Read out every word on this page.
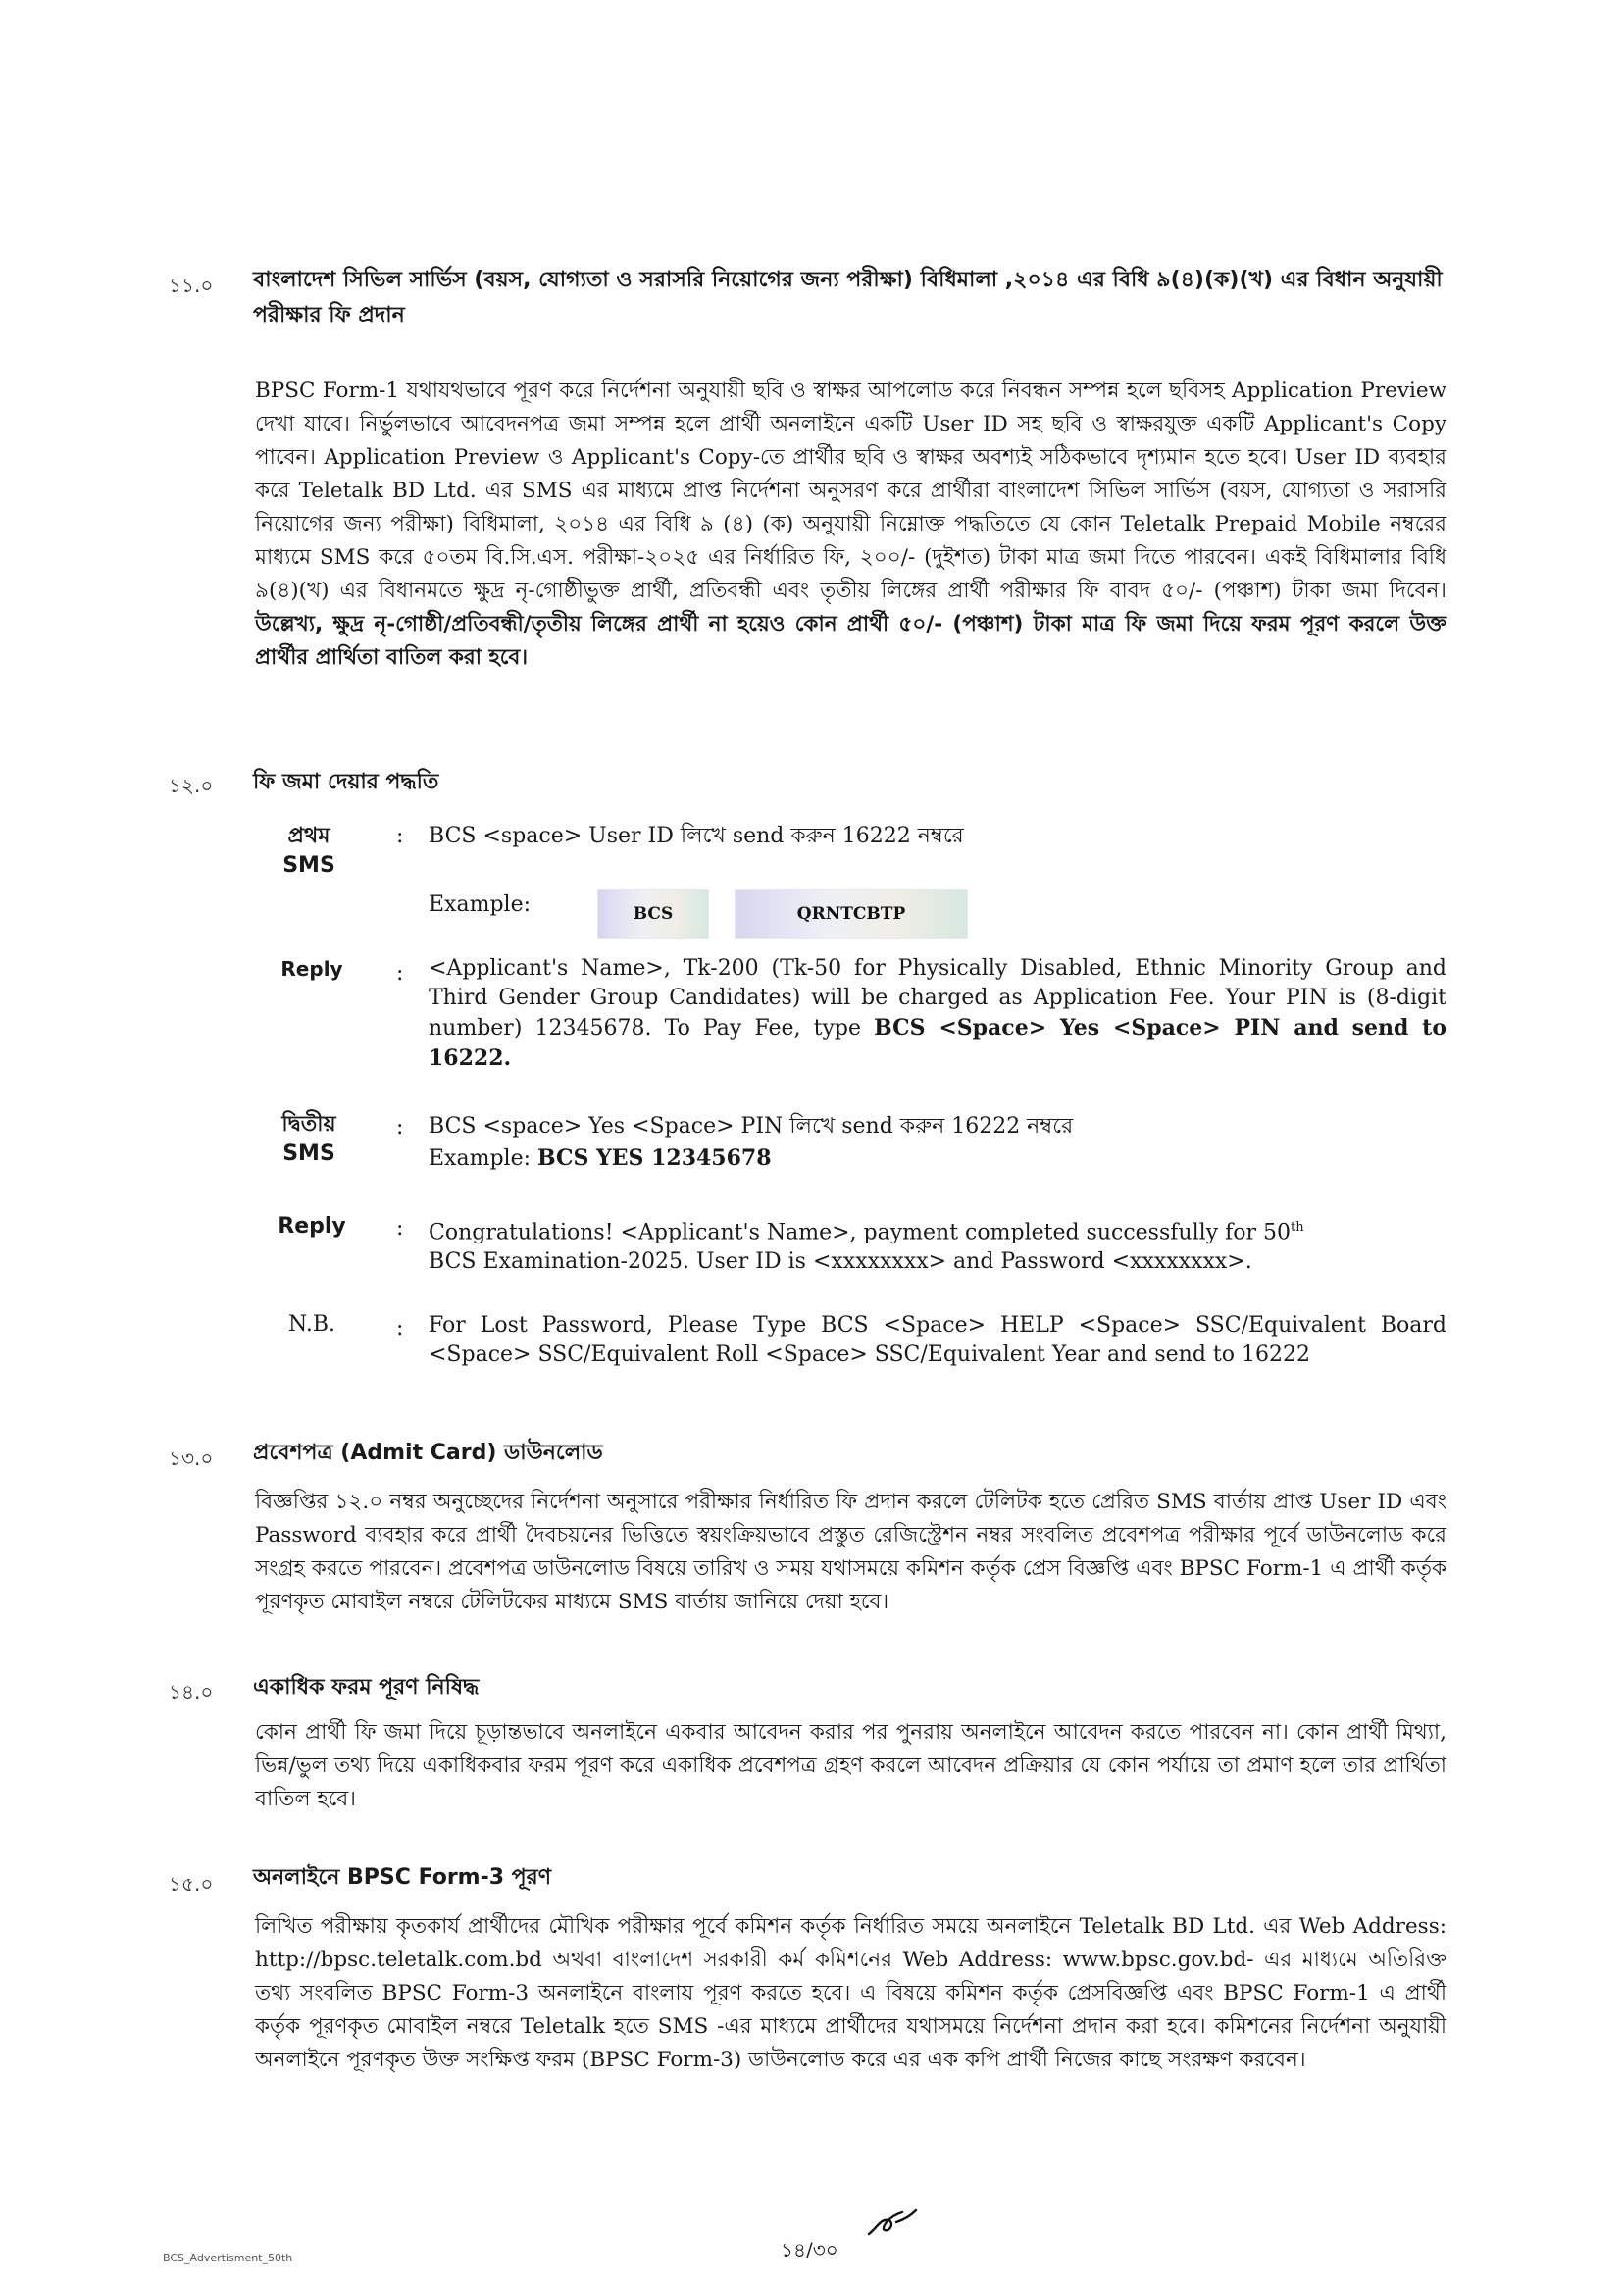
১১.০ বাংলাদেশ সিভিল সার্ভিস (বয়স, যোগ্যতা ও সরাসরি নিয়োগের জন্য পরীক্ষা) বিধিমালা ,২০১৪ এর বিধি ৯(৪)(ক)(খ) এর বিধান অনুযায়ী পরীক্ষার ফি প্রদান
BPSC Form-1 যথাযথভাবে পূরণ করে নির্দেশনা অনুযায়ী ছবি ও স্বাক্ষর আপলোড করে নিবন্ধন সম্পন্ন হলে ছবিসহ Application Preview দেখা যাবে। নির্ভুলভাবে আবেদনপত্র জমা সম্পন্ন হলে প্রার্থী অনলাইনে একটি User ID সহ ছবি ও স্বাক্ষরযুক্ত একটি Applicant's Copy পাবেন। Application Preview ও Applicant's Copy-তে প্রার্থীর ছবি ও স্বাক্ষর অবশ্যই সঠিকভাবে দৃশ্যমান হতে হবে। User ID ব্যবহার করে Teletalk BD Ltd. এর SMS এর মাধ্যমে প্রাপ্ত নির্দেশনা অনুসরণ করে প্রার্থীরা বাংলাদেশ সিভিল সার্ভিস (বয়স, যোগ্যতা ও সরাসরি নিয়োগের জন্য পরীক্ষা) বিধিমালা, ২০১৪ এর বিধি ৯ (৪) (ক) অনুযায়ী নিম্নোক্ত পদ্ধতিতে যে কোন Teletalk Prepaid Mobile নম্বরের মাধ্যমে SMS করে ৫০তম বি.সি.এস. পরীক্ষা-২০২৫ এর নির্ধারিত ফি, ২০০/- (দুইশত) টাকা মাত্র জমা দিতে পারবেন। একই বিধিমালার বিধি ৯(৪)(খ) এর বিধানমতে ক্ষুদ্র নৃ-গোষ্ঠীভুক্ত প্রার্থী, প্রতিবন্ধী এবং তৃতীয় লিঙ্গের প্রার্থী পরীক্ষার ফি বাবদ ৫০/- (পঞ্চাশ) টাকা জমা দিবেন। উল্লেখ্য, ক্ষুদ্র নৃ-গোষ্ঠী/প্রতিবন্ধী/তৃতীয় লিঙ্গের প্রার্থী না হয়েও কোন প্রার্থী ৫০/- (পঞ্চাশ) টাকা মাত্র ফি জমা দিয়ে ফরম পূরণ করলে উক্ত প্রার্থীর প্রার্থিতা বাতিল করা হবে।
১২.০ ফি জমা দেয়ার পদ্ধতি
প্রথম SMS
: BCS <space> User ID লিখে send করুন 16222 নম্বরে
Example:	BCS	QRNTCBTP
Reply	: <Applicant's Name>, Tk-200 (Tk-50 for Physically Disabled, Ethnic Minority Group and Third Gender Group Candidates) will be charged as Application Fee. Your PIN is (8-digit number) 12345678. To Pay Fee, type BCS <Space> Yes <Space> PIN and send to 16222.
দ্বিতীয় SMS
: BCS <space> Yes <Space> PIN লিখে send করুন 16222 নম্বরে
Example: BCS YES 12345678
Reply	: Congratulations! <Applicant's Name>, payment completed successfully for 50th
BCS Examination-2025. User ID is <xxxxxxxx> and Password <xxxxxxxx>.
N.B.	: For Lost Password, Please Type BCS <Space> HELP <Space> SSC/Equivalent Board <Space> SSC/Equivalent Roll <Space> SSC/Equivalent Year and send to 16222
১৩.০ প্রবেশপত্র (Admit Card) ডাউনলোড
বিজ্ঞপ্তির ১২.০ নম্বর অনুচ্ছেদের নির্দেশনা অনুসারে পরীক্ষার নির্ধারিত ফি প্রদান করলে টেলিটক হতে প্রেরিত SMS বার্তায় প্রাপ্ত User ID এবং Password ব্যবহার করে প্রার্থী দৈবচয়নের ভিত্তিতে স্বয়ংক্রিয়ভাবে প্রস্তুত রেজিস্ট্রেশন নম্বর সংবলিত প্রবেশপত্র পরীক্ষার পূর্বে ডাউনলোড করে সংগ্রহ করতে পারবেন। প্রবেশপত্র ডাউনলোড বিষয়ে তারিখ ও সময় যথাসময়ে কমিশন কর্তৃক প্রেস বিজ্ঞপ্তি এবং BPSC Form-1 এ প্রার্থী কর্তৃক পূরণকৃত মোবাইল নম্বরে টেলিটকের মাধ্যমে SMS বার্তায় জানিয়ে দেয়া হবে।
১৪.০ একাধিক ফরম পূরণ নিষিদ্ধ
কোন প্রার্থী ফি জমা দিয়ে চূড়ান্তভাবে অনলাইনে একবার আবেদন করার পর পুনরায় অনলাইনে আবেদন করতে পারবেন না। কোন প্রার্থী মিথ্যা, ভিন্ন/ভুল তথ্য দিয়ে একাধিকবার ফরম পূরণ করে একাধিক প্রবেশপত্র গ্রহণ করলে আবেদন প্রক্রিয়ার যে কোন পর্যায়ে তা প্রমাণ হলে তার প্রার্থিতা বাতিল হবে।
১৫.০ অনলাইনে BPSC Form-3 পূরণ
লিখিত পরীক্ষায় কৃতকার্য প্রার্থীদের মৌখিক পরীক্ষার পূর্বে কমিশন কর্তৃক নির্ধারিত সময়ে অনলাইনে Teletalk BD Ltd. এর Web Address: http://bpsc.teletalk.com.bd অথবা বাংলাদেশ সরকারী কর্ম কমিশনের Web Address: www.bpsc.gov.bd- এর মাধ্যমে অতিরিক্ত তথ্য সংবলিত BPSC Form-3 অনলাইনে বাংলায় পূরণ করতে হবে। এ বিষয়ে কমিশন কর্তৃক প্রেসবিজ্ঞপ্তি এবং BPSC Form-1 এ প্রার্থী কর্তৃক পূরণকৃত মোবাইল নম্বরে Teletalk হতে SMS -এর মাধ্যমে প্রার্থীদের যথাসময়ে নির্দেশনা প্রদান করা হবে। কমিশনের নির্দেশনা অনুযায়ী অনলাইনে পূরণকৃত উক্ত সংক্ষিপ্ত ফরম (BPSC Form-3) ডাউনলোড করে এর এক কপি প্রার্থী নিজের কাছে সংরক্ষণ করবেন।
১৪/৩০
BCS_Advertisment_50th
